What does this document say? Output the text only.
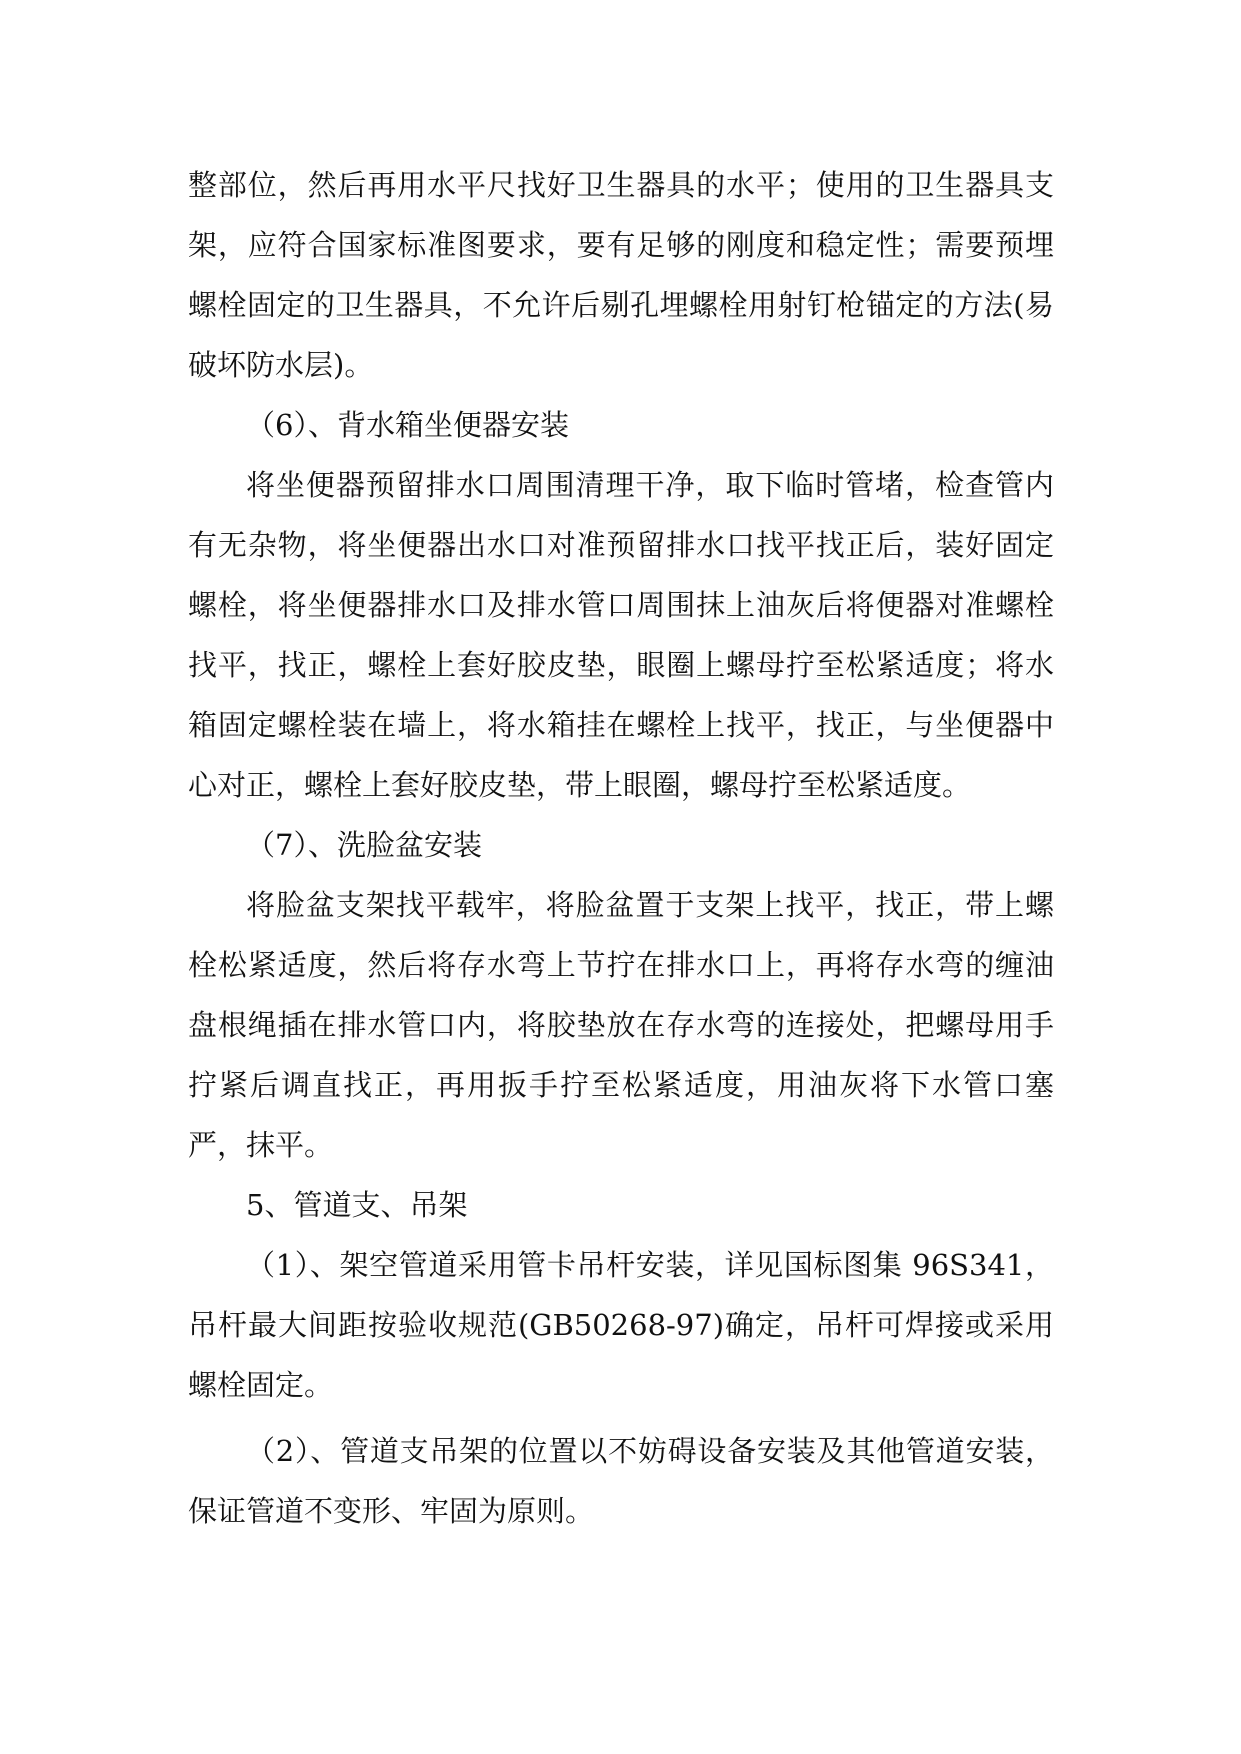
整部位，然后再用水平尺找好卫生器具的水平；使用的卫生器具支架，应符合国家标准图要求，要有足够的刚度和稳定性；需要预埋螺栓固定的卫生器具，不允许后剔孔埋螺栓用射钉枪锚定的方法(易破坏防水层)。

（6）、背水箱坐便器安装

将坐便器预留排水口周围清理干净，取下临时管堵，检查管内有无杂物，将坐便器出水口对准预留排水口找平找正后，装好固定螺栓，将坐便器排水口及排水管口周围抹上油灰后将便器对准螺栓找平，找正，螺栓上套好胶皮垫，眼圈上螺母拧至松紧适度；将水箱固定螺栓装在墙上，将水箱挂在螺栓上找平，找正，与坐便器中心对正，螺栓上套好胶皮垫，带上眼圈，螺母拧至松紧适度。

（7）、洗脸盆安装

将脸盆支架找平载牢，将脸盆置于支架上找平，找正，带上螺栓松紧适度，然后将存水弯上节拧在排水口上，再将存水弯的缠油盘根绳插在排水管口内，将胶垫放在存水弯的连接处，把螺母用手拧紧后调直找正，再用扳手拧至松紧适度，用油灰将下水管口塞严，抹平。

5、管道支、吊架

（1）、架空管道采用管卡吊杆安装，详见国标图集 96S341，吊杆最大间距按验收规范(GB50268-97)确定，吊杆可焊接或采用螺栓固定。

（2）、管道支吊架的位置以不妨碍设备安装及其他管道安装，保证管道不变形、牢固为原则。
